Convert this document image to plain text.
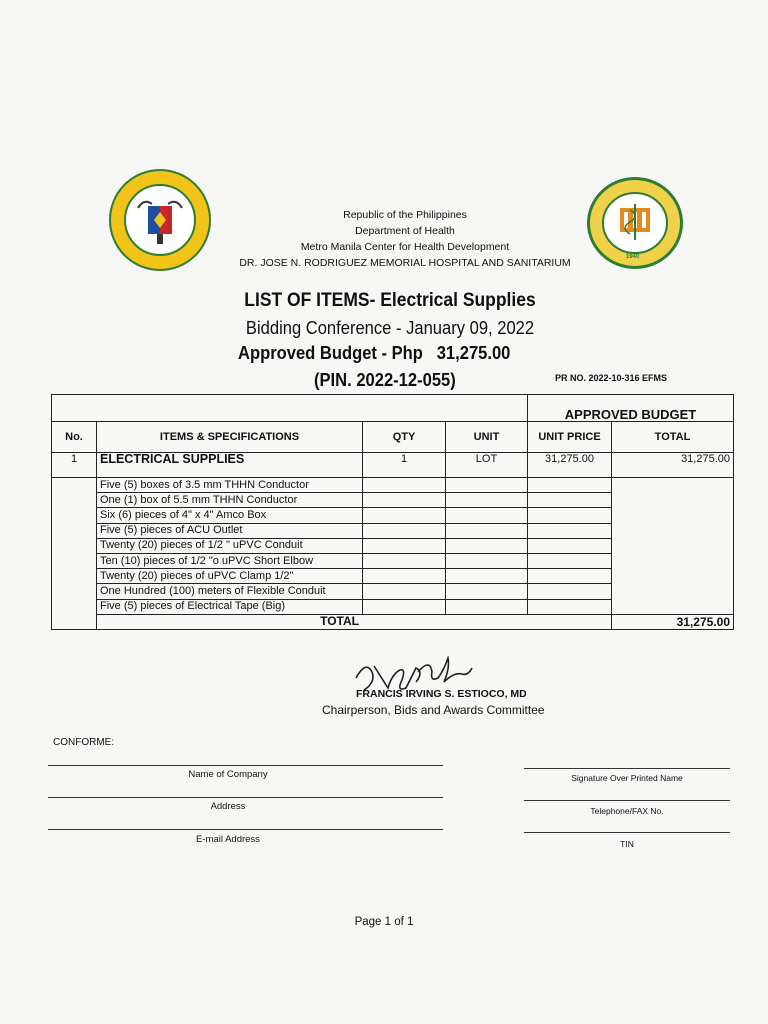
1940
Republic of the Philippines
Department of Health
Metro Manila Center for Health Development
DR. JOSE N. RODRIGUEZ MEMORIAL HOSPITAL AND SANITARIUM
LIST OF ITEMS- Electrical Supplies
Bidding Conference - January 09, 2022
Approved Budget - Php   31,275.00
(PIN. 2022-12-055)	PR NO. 2022-10-316 EFMS
				APPROVED BUDGET	
No.	ITEMS & SPECIFICATIONS	QTY	UNIT	UNIT PRICE	TOTAL
1	ELECTRICAL SUPPLIES	1	LOT	31,275.00	31,275.00
	Five (5) boxes of 3.5 mm THHN Conductor				
	One (1) box of 5.5 mm THHN Conductor				
	Six (6) pieces of 4" x 4" Amco Box				
	Five (5) pieces of ACU Outlet				
	Twenty (20) pieces of 1/2 " uPVC Conduit				
	Ten (10) pieces of 1/2 "o uPVC Short Elbow				
	Twenty (20) pieces of uPVC Clamp 1/2"				
	One Hundred (100) meters of Flexible Conduit				
	Five (5) pieces of Electrical Tape (Big)				
	TOTAL				31,275.00
FRANCIS IRVING S. ESTIOCO, MD
Chairperson, Bids and Awards Committee
CONFORME:
Name of Company
Address
E-mail Address
Signature Over Printed Name
Telephone/FAX No.
TIN
Page 1 of 1
